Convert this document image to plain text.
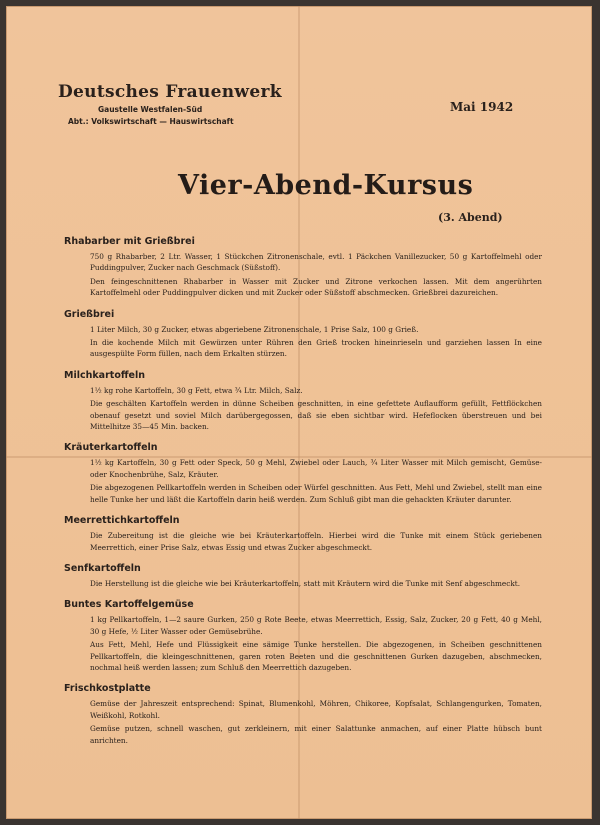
Deutsches Frauenwerk
Gaustelle Westfalen-Süd
Abt.: Volkswirtschaft — Hauswirtschaft
Mai 1942
Vier-Abend-Kursus
(3. Abend)
Rhabarber mit Grießbrei

750 g Rhabarber, 2 Ltr. Wasser, 1 Stückchen Zitronenschale, evtl. 1 Päckchen Vanillezucker, 50 g Kartoffelmehl oder Puddingpulver, Zucker nach Geschmack (Süßstoff).

Den feingeschnittenen Rhabarber in Wasser mit Zucker und Zitrone verkochen lassen. Mit dem angerührten Kartoffelmehl oder Puddingpulver dicken und mit Zucker oder Süßstoff abschmecken. Grießbrei dazureichen.

Grießbrei

1 Liter Milch, 30 g Zucker, etwas abgeriebene Zitronenschale, 1 Prise Salz, 100 g Grieß.

In die kochende Milch mit Gewürzen unter Rühren den Grieß trocken hineinrieseln und garziehen lassen In eine ausgespülte Form füllen, nach dem Erkalten stürzen.

Milchkartoffeln

1½ kg rohe Kartoffeln, 30 g Fett, etwa ¾ Ltr. Milch, Salz.

Die geschälten Kartoffeln werden in dünne Scheiben geschnitten, in eine gefettete Auflaufform gefüllt, Fettflöckchen obenauf gesetzt und soviel Milch darübergegossen, daß sie eben sichtbar wird. Hefeflocken überstreuen und bei Mittelhitze 35—45 Min. backen.

Kräuterkartoffeln

1½ kg Kartoffeln, 30 g Fett oder Speck, 50 g Mehl, Zwiebel oder Lauch, ¾ Liter Wasser mit Milch gemischt, Gemüse- oder Knochenbrühe, Salz, Kräuter.

Die abgezogenen Pellkartoffeln werden in Scheiben oder Würfel geschnitten. Aus Fett, Mehl und Zwiebel, stellt man eine helle Tunke her und läßt die Kartoffeln darin heiß werden. Zum Schluß gibt man die gehackten Kräuter darunter.

Meerrettichkartoffeln

Die Zubereitung ist die gleiche wie bei Kräuterkartoffeln. Hierbei wird die Tunke mit einem Stück geriebenen Meerrettich, einer Prise Salz, etwas Essig und etwas Zucker abgeschmeckt.

Senfkartoffeln

Die Herstellung ist die gleiche wie bei Kräuterkartoffeln, statt mit Kräutern wird die Tunke mit Senf abgeschmeckt.

Buntes Kartoffelgemüse

1 kg Pellkartoffeln, 1—2 saure Gurken, 250 g Rote Beete, etwas Meerrettich, Essig, Salz, Zucker, 20 g Fett, 40 g Mehl, 30 g Hefe, ½ Liter Wasser oder Gemüsebrühe.

Aus Fett, Mehl, Hefe und Flüssigkeit eine sämige Tunke herstellen. Die abgezogenen, in Scheiben geschnittenen Pellkartoffeln, die kleingeschnittenen, garen roten Beeten und die geschnittenen Gurken dazugeben, abschmecken, nochmal heiß werden lassen; zum Schluß den Meerrettich dazugeben.

Frischkostplatte

Gemüse der Jahreszeit entsprechend: Spinat, Blumenkohl, Möhren, Chikoree, Kopfsalat, Schlangengurken, Tomaten, Weißkohl, Rotkohl.

Gemüse putzen, schnell waschen, gut zerkleinern, mit einer Salattunke anmachen, auf einer Platte hübsch bunt anrichten.
